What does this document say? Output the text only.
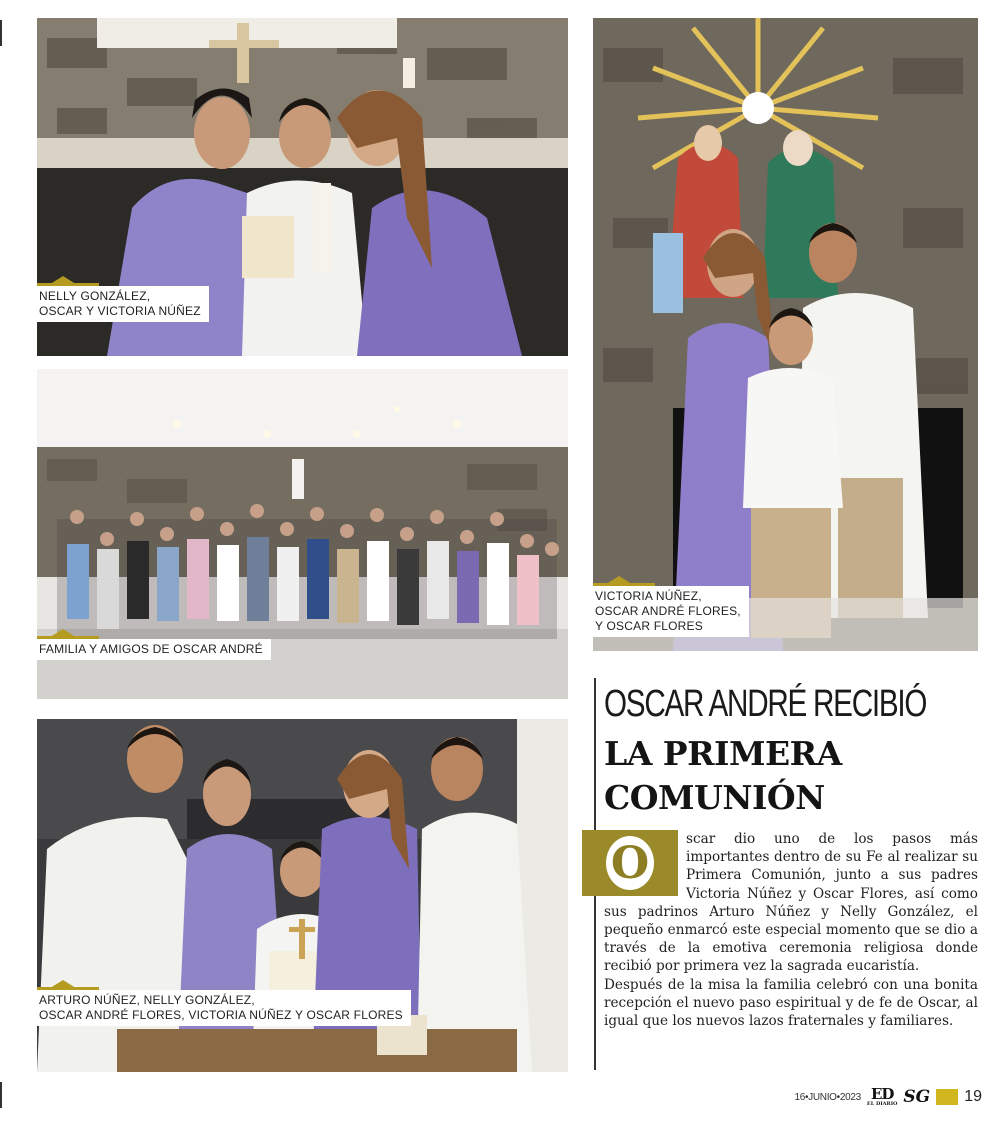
NELLY GONZÁLEZ,
OSCAR Y VICTORIA NÚÑEZ
FAMILIA Y AMIGOS DE OSCAR ANDRÉ
ARTURO NÚÑEZ, NELLY GONZÁLEZ,
OSCAR ANDRÉ FLORES, VICTORIA NÚÑEZ Y OSCAR FLORES
VICTORIA NÚÑEZ,
OSCAR ANDRÉ FLORES,
Y OSCAR FLORES
OSCAR ANDRÉ RECIBIÓ
LA PRIMERA
COMUNIÓN

scar dio uno de los pasos más importantes dentro de su Fe al realizar su Primera Comunión, junto a sus padres Victoria Núñez y Oscar Flores, así como sus padrinos Arturo Núñez y Nelly González, el pequeño enmarcó este especial momento que se dio a través de la emotiva ceremonia religiosa donde recibió por primera vez la sagrada eucaristía.

Después de la misa la familia celebró con una bonita recepción el nuevo paso espiritual y de fe de Oscar, al igual que los nuevos lazos fraternales y familiares.

O
16•JUNIO•2023 ED
EL DIARIO SG 19
